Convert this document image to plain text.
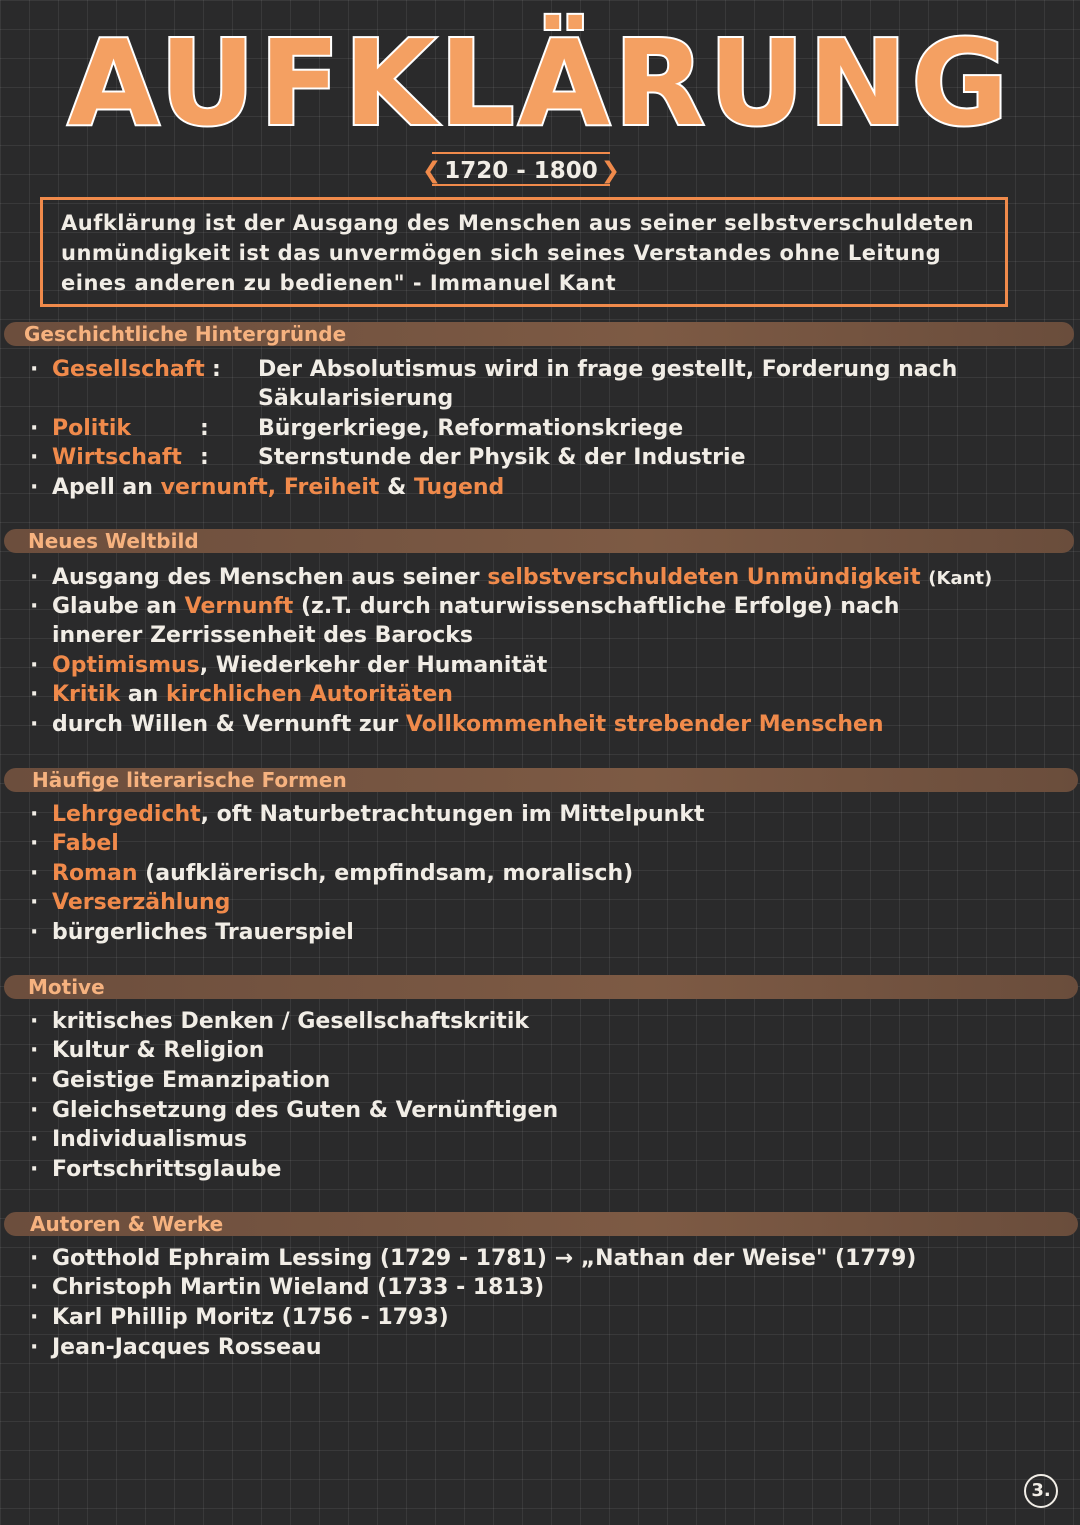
AUFKLÄRUNG
❮ 1720 - 1800 ❯
Aufklärung ist der Ausgang des Menschen aus seiner selbstverschuldeten
unmündigkeit ist das unvermögen sich seines Verstandes ohne Leitung
eines anderen zu bedienen" - Immanuel Kant
Geschichtliche Hintergründe
· Gesellschaft : Der Absolutismus wird in frage gestellt, Forderung nach
Säkularisierung
· Politik	: Bürgerkriege, Reformationskriege
· Wirtschaft : Sternstunde der Physik & der Industrie
· Apell an vernunft, Freiheit & Tugend
Neues Weltbild
· Ausgang des Menschen aus seiner selbstverschuldeten Unmündigkeit (Kant)
· Glaube an Vernunft (z.T. durch naturwissenschaftliche Erfolge) nach
innerer Zerrissenheit des Barocks
· Optimismus, Wiederkehr der Humanität
· Kritik an kirchlichen Autoritäten
· durch Willen & Vernunft zur Vollkommenheit strebender Menschen
Häufige literarische Formen
· Lehrgedicht, oft Naturbetrachtungen im Mittelpunkt
· Fabel
· Roman (aufklärerisch, empfindsam, moralisch)
· Verserzählung
· bürgerliches Trauerspiel
Motive
· kritisches Denken / Gesellschaftskritik
· Kultur & Religion
· Geistige Emanzipation
· Gleichsetzung des Guten & Vernünftigen
· Individualismus
· Fortschrittsglaube
Autoren & Werke
· Gotthold Ephraim Lessing (1729 - 1781) → „Nathan der Weise" (1779)
· Christoph Martin Wieland (1733 - 1813)
· Karl Phillip Moritz (1756 - 1793)
· Jean-Jacques Rosseau
3.
